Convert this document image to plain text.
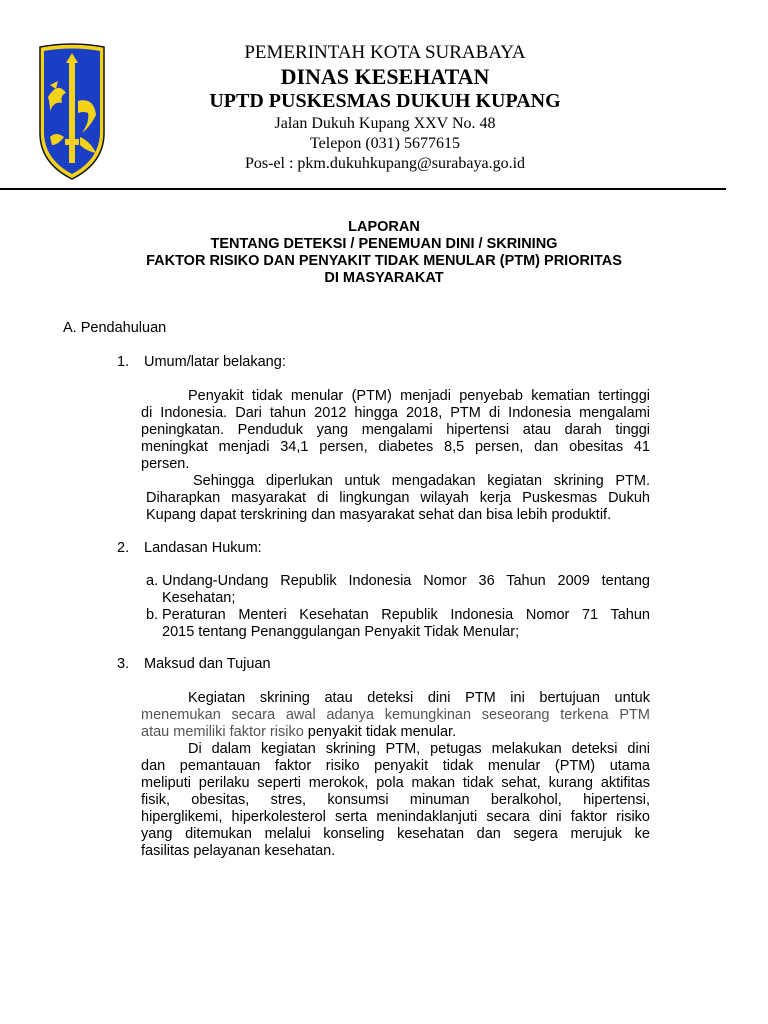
PEMERINTAH KOTA SURABAYA
DINAS KESEHATAN
UPTD PUSKESMAS DUKUH KUPANG
Jalan Dukuh Kupang XXV No. 48
Telepon (031) 5677615
Pos-el : pkm.dukuhkupang@surabaya.go.id
LAPORAN
TENTANG DETEKSI / PENEMUAN DINI / SKRINING
FAKTOR RISIKO DAN PENYAKIT TIDAK MENULAR (PTM) PRIORITAS
DI MASYARAKAT
A. Pendahuluan
1. Umum/latar belakang:
Penyakit tidak menular (PTM) menjadi penyebab kematian tertinggi
di Indonesia. Dari tahun 2012 hingga 2018, PTM di Indonesia mengalami
peningkatan. Penduduk yang mengalami hipertensi atau darah tinggi
meningkat menjadi 34,1 persen, diabetes 8,5 persen, dan obesitas 41
persen.
Sehingga diperlukan untuk mengadakan kegiatan skrining PTM.
Diharapkan masyarakat di lingkungan wilayah kerja Puskesmas Dukuh
Kupang dapat terskrining dan masyarakat sehat dan bisa lebih produktif.
2. Landasan Hukum:
a. Undang-Undang Republik Indonesia Nomor 36 Tahun 2009 tentang
Kesehatan;
b. Peraturan Menteri Kesehatan Republik Indonesia Nomor 71 Tahun
2015 tentang Penanggulangan Penyakit Tidak Menular;
3. Maksud dan Tujuan
Kegiatan skrining atau deteksi dini PTM ini bertujuan untuk
menemukan secara awal adanya kemungkinan seseorang terkena PTM
atau memiliki faktor risiko penyakit tidak menular.
Di dalam kegiatan skrining PTM, petugas melakukan deteksi dini
dan pemantauan faktor risiko penyakit tidak menular (PTM) utama
meliputi perilaku seperti merokok, pola makan tidak sehat, kurang aktifitas
fisik, obesitas, stres, konsumsi minuman beralkohol, hipertensi,
hiperglikemi, hiperkolesterol serta menindaklanjuti secara dini faktor risiko
yang ditemukan melalui konseling kesehatan dan segera merujuk ke
fasilitas pelayanan kesehatan.
